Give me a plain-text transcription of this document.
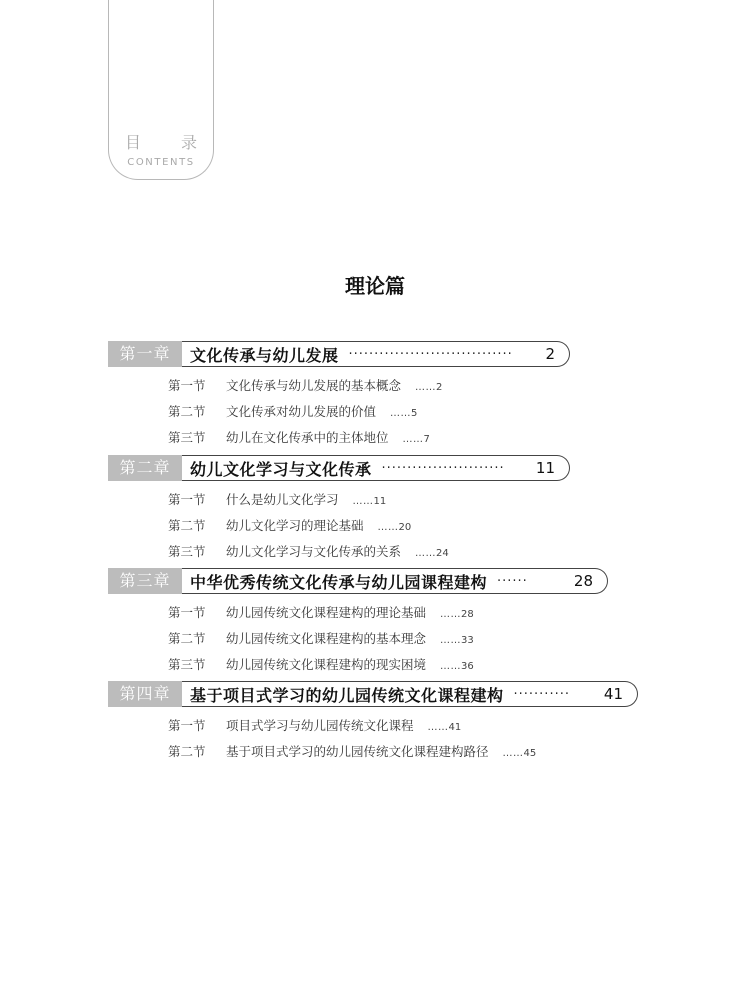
目 录
CONTENTS
理论篇
第一章	文化传承与幼儿发展 ································	2
第一节 文化传承与幼儿发展的基本概念 ……2
第二节 文化传承对幼儿发展的价值 ……5
第三节 幼儿在文化传承中的主体地位 ……7
第二章	幼儿文化学习与文化传承 ························	11
第一节 什么是幼儿文化学习 ……11
第二节 幼儿文化学习的理论基础 ……20
第三节 幼儿文化学习与文化传承的关系 ……24
第三章	中华优秀传统文化传承与幼儿园课程建构 ······	28
第一节 幼儿园传统文化课程建构的理论基础 ……28
第二节 幼儿园传统文化课程建构的基本理念 ……33
第三节 幼儿园传统文化课程建构的现实困境 ……36
第四章	基于项目式学习的幼儿园传统文化课程建构 ···········	41
第一节 项目式学习与幼儿园传统文化课程 ……41
第二节 基于项目式学习的幼儿园传统文化课程建构路径 ……45
